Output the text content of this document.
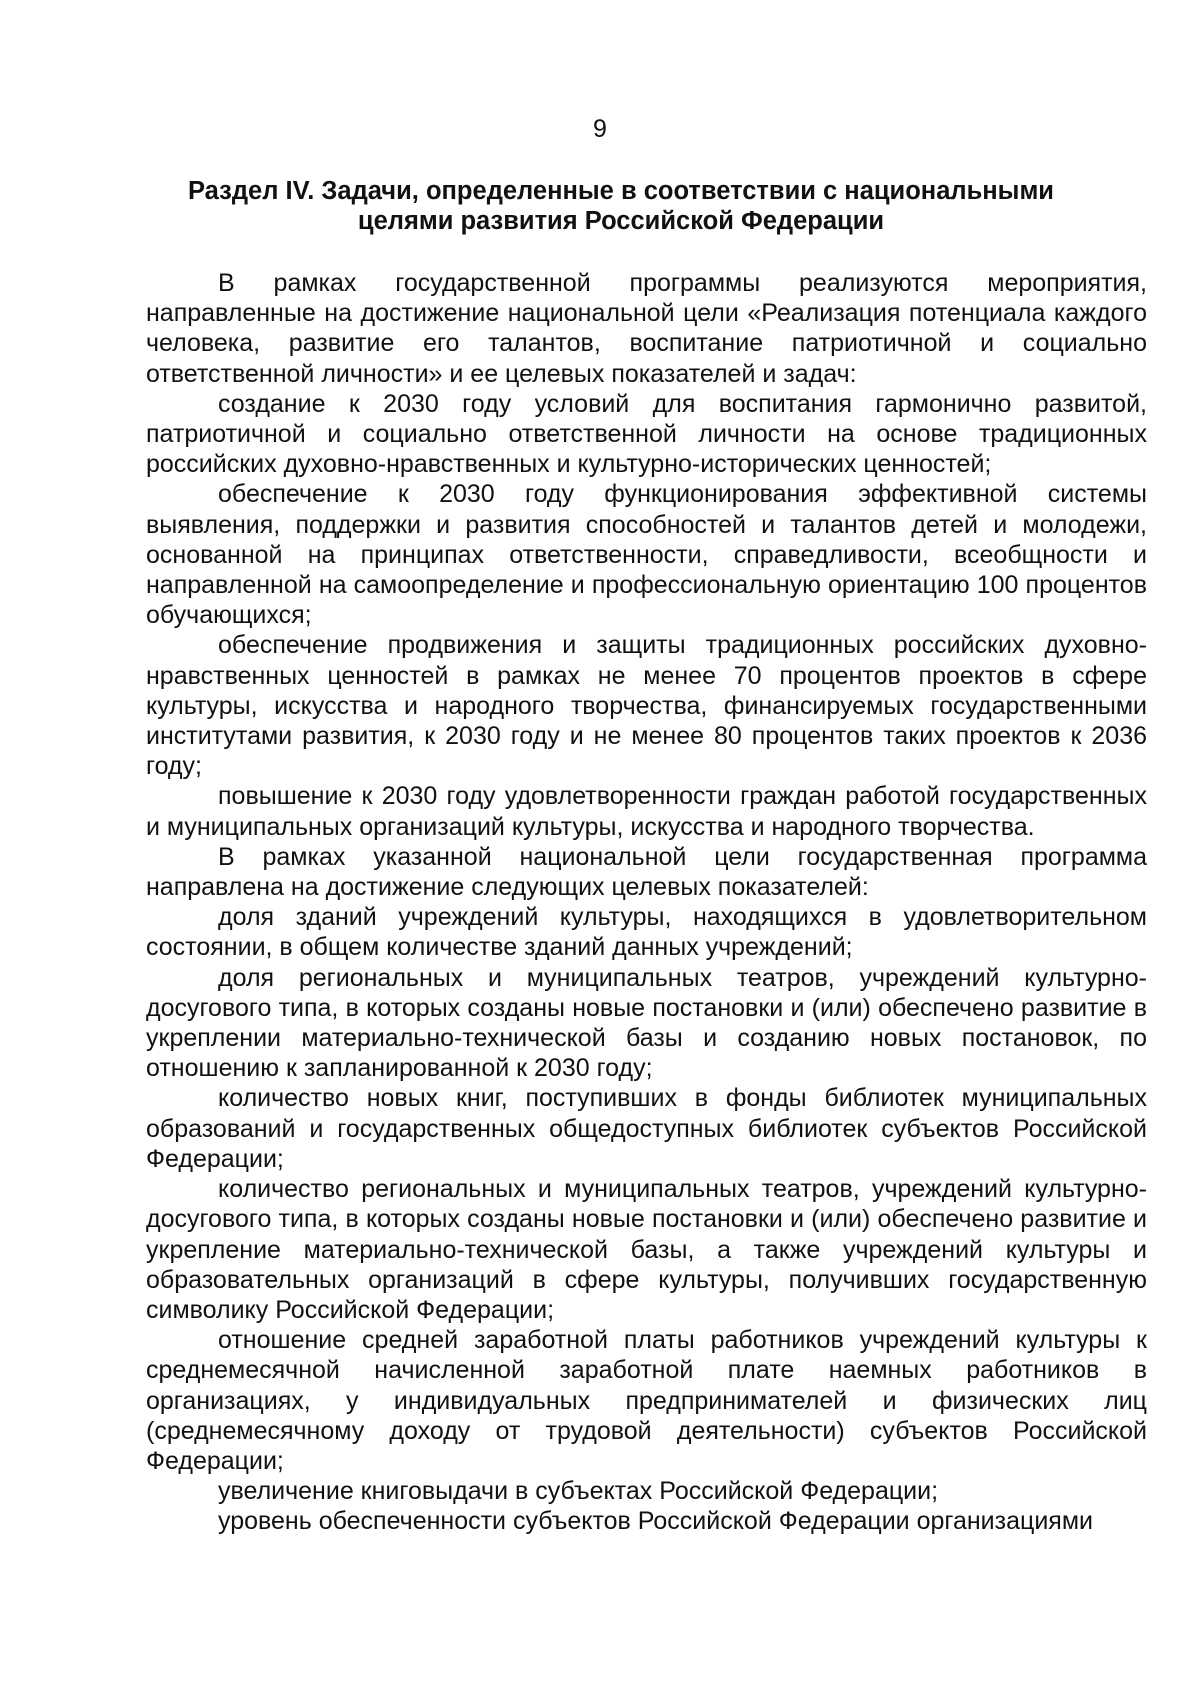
9
Раздел IV. Задачи, определенные в соответствии с национальными
целями развития Российской Федерации

В рамках государственной программы реализуются мероприятия, направленные на достижение национальной цели «Реализация потенциала каждого человека, развитие его талантов, воспитание патриотичной и социально ответственной личности» и ее целевых показателей и задач:

создание к 2030 году условий для воспитания гармонично развитой, патриотичной и социально ответственной личности на основе традиционных российских духовно-нравственных и культурно-исторических ценностей;

обеспечение к 2030 году функционирования эффективной системы выявления, поддержки и развития способностей и талантов детей и молодежи, основанной на принципах ответственности, справедливости, всеобщности и направленной на самоопределение и профессиональную ориентацию 100 процентов обучающихся;

обеспечение продвижения и защиты традиционных российских духовно-нравственных ценностей в рамках не менее 70 процентов проектов в сфере культуры, искусства и народного творчества, финансируемых государственными институтами развития, к 2030 году и не менее 80 процентов таких проектов к 2036 году;

повышение к 2030 году удовлетворенности граждан работой государственных и муниципальных организаций культуры, искусства и народного творчества.

В рамках указанной национальной цели государственная программа направлена на достижение следующих целевых показателей:

доля зданий учреждений культуры, находящихся в удовлетворительном состоянии, в общем количестве зданий данных учреждений;

доля региональных и муниципальных театров, учреждений культурно-досугового типа, в которых созданы новые постановки и (или) обеспечено развитие в укреплении материально-технической базы и созданию новых постановок, по отношению к запланированной к 2030 году;

количество новых книг, поступивших в фонды библиотек муниципальных образований и государственных общедоступных библиотек субъектов Российской Федерации;

количество региональных и муниципальных театров, учреждений культурно-досугового типа, в которых созданы новые постановки и (или) обеспечено развитие и укрепление материально-технической базы, а также учреждений культуры и образовательных организаций в сфере культуры, получивших государственную символику Российской Федерации;

отношение средней заработной платы работников учреждений культуры к среднемесячной начисленной заработной плате наемных работников в организациях, у индивидуальных предпринимателей и физических лиц (среднемесячному доходу от трудовой деятельности) субъектов Российской Федерации;

увеличение книговыдачи в субъектах Российской Федерации;

уровень обеспеченности субъектов Российской Федерации организациями
